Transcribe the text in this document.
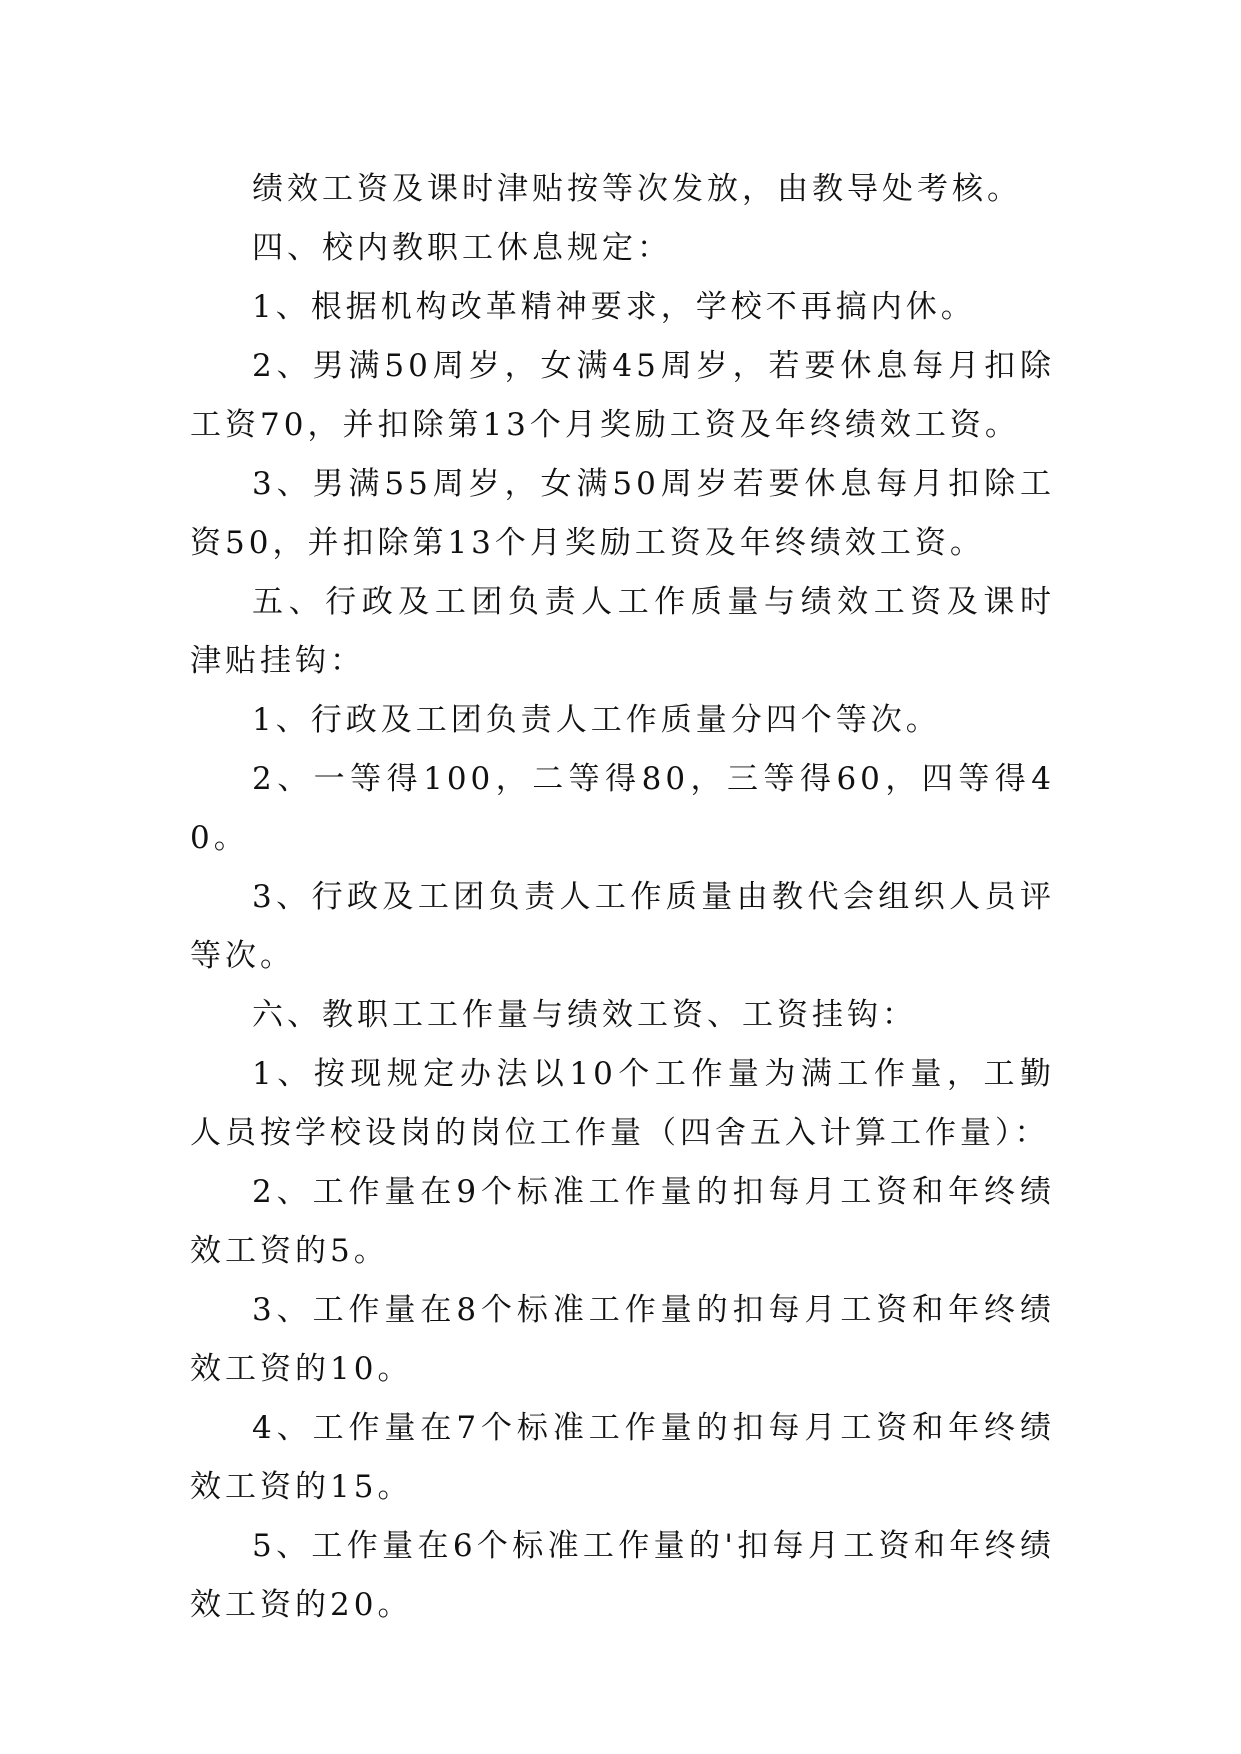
绩效工资及课时津贴按等次发放，由教导处考核。

四、校内教职工休息规定：

1、根据机构改革精神要求，学校不再搞内休。

2、男满50周岁，女满45周岁，若要休息每月扣除工资70，并扣除第13个月奖励工资及年终绩效工资。

3、男满55周岁，女满50周岁若要休息每月扣除工资50，并扣除第13个月奖励工资及年终绩效工资。

五、行政及工团负责人工作质量与绩效工资及课时津贴挂钩：

1、行政及工团负责人工作质量分四个等次。

2、一等得100，二等得80，三等得60，四等得40。

3、行政及工团负责人工作质量由教代会组织人员评等次。

六、教职工工作量与绩效工资、工资挂钩：

1、按现规定办法以10个工作量为满工作量，工勤人员按学校设岗的岗位工作量（四舍五入计算工作量）：

2、工作量在9个标准工作量的扣每月工资和年终绩效工资的5。

3、工作量在8个标准工作量的扣每月工资和年终绩效工资的10。

4、工作量在7个标准工作量的扣每月工资和年终绩效工资的15。

5、工作量在6个标准工作量的'扣每月工资和年终绩效工资的20。
